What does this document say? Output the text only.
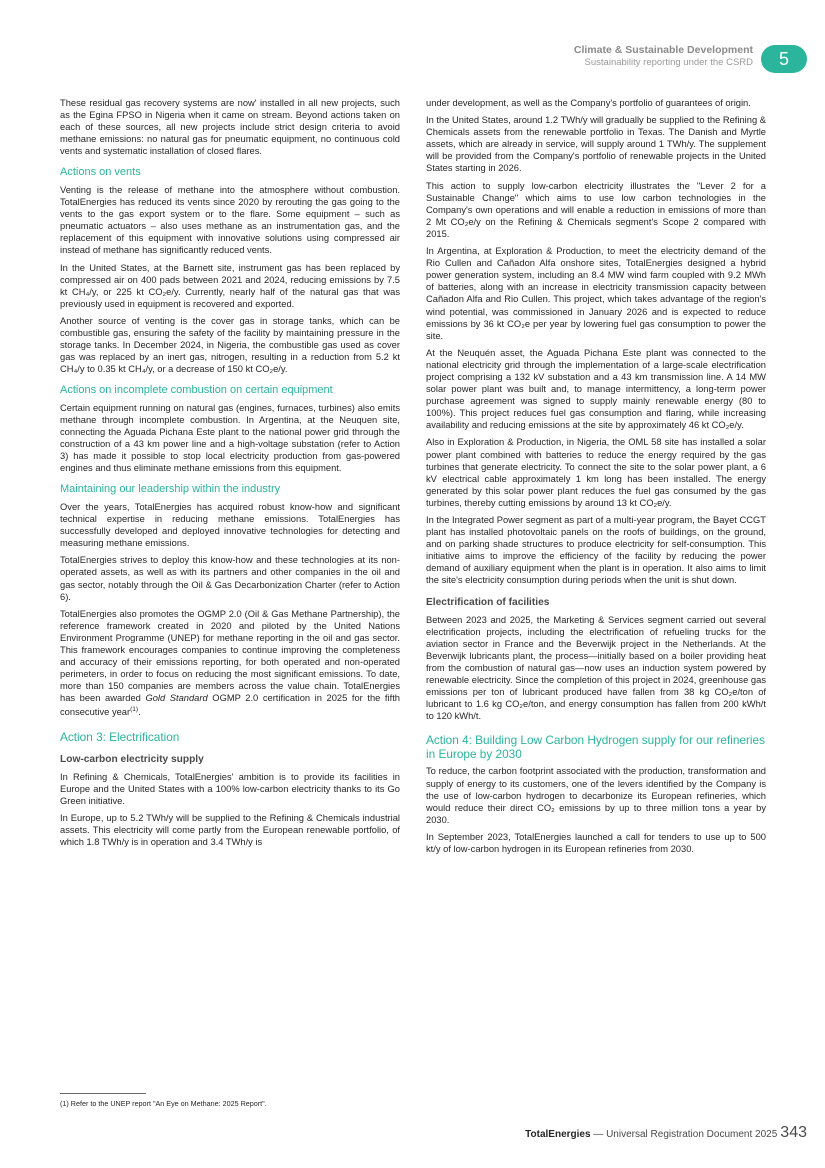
Climate & Sustainable Development
Sustainability reporting under the CSRD	5

These residual gas recovery systems are now' installed in all new projects, such as the Egina FPSO in Nigeria when it came on stream. Beyond actions taken on each of these sources, all new projects include strict design criteria to avoid methane emissions: no natural gas for pneumatic equipment, no continuous cold vents and systematic installation of closed flares.

Actions on vents

Venting is the release of methane into the atmosphere without combustion. TotalEnergies has reduced its vents since 2020 by rerouting the gas going to the vents to the gas export system or to the flare. Some equipment – such as pneumatic actuators – also uses methane as an instrumentation gas, and the replacement of this equipment with innovative solutions using compressed air instead of methane has significantly reduced vents.

In the United States, at the Barnett site, instrument gas has been replaced by compressed air on 400 pads between 2021 and 2024, reducing emissions by 7.5 kt CH₄/y, or 225 kt CO₂e/y. Currently, nearly half of the natural gas that was previously used in equipment is recovered and exported.

Another source of venting is the cover gas in storage tanks, which can be combustible gas, ensuring the safety of the facility by maintaining pressure in the storage tanks. In December 2024, in Nigeria, the combustible gas used as cover gas was replaced by an inert gas, nitrogen, resulting in a reduction from 5.2 kt CH₄/y to 0.35 kt CH₄/y, or a decrease of 150 kt CO₂e/y.

Actions on incomplete combustion on certain equipment

Certain equipment running on natural gas (engines, furnaces, turbines) also emits methane through incomplete combustion. In Argentina, at the Neuquen site, connecting the Aguada Pichana Este plant to the national power grid through the construction of a 43 km power line and a high-voltage substation (refer to Action 3) has made it possible to stop local electricity production from gas-powered engines and thus eliminate methane emissions from this equipment.

Maintaining our leadership within the industry

Over the years, TotalEnergies has acquired robust know-how and significant technical expertise in reducing methane emissions. TotalEnergies has successfully developed and deployed innovative technologies for detecting and measuring methane emissions.

TotalEnergies strives to deploy this know-how and these technologies at its non-operated assets, as well as with its partners and other companies in the oil and gas sector, notably through the Oil & Gas Decarbonization Charter (refer to Action 6).

TotalEnergies also promotes the OGMP 2.0 (Oil & Gas Methane Partnership), the reference framework created in 2020 and piloted by the United Nations Environment Programme (UNEP) for methane reporting in the oil and gas sector. This framework encourages companies to continue improving the completeness and accuracy of their emissions reporting, for both operated and non-operated perimeters, in order to focus on reducing the most significant emissions. To date, more than 150 companies are members across the value chain. TotalEnergies has been awarded Gold Standard OGMP 2.0 certification in 2025 for the fifth consecutive year$^{(1)}$.

Action 3: Electrification
Low-carbon electricity supply

In Refining & Chemicals, TotalEnergies' ambition is to provide its facilities in Europe and the United States with a 100% low-carbon electricity thanks to its Go Green initiative.

In Europe, up to 5.2 TWh/y will be supplied to the Refining & Chemicals industrial assets. This electricity will come partly from the European renewable portfolio, of which 1.8 TWh/y is in operation and 3.4 TWh/y is

under development, as well as the Company's portfolio of guarantees of origin.

In the United States, around 1.2 TWh/y will gradually be supplied to the Refining & Chemicals assets from the renewable portfolio in Texas. The Danish and Myrtle assets, which are already in service, will supply around 1 TWh/y. The supplement will be provided from the Company's portfolio of renewable projects in the United States starting in 2026.

This action to supply low-carbon electricity illustrates the "Lever 2 for a Sustainable Change" which aims to use low carbon technologies in the Company's own operations and will enable a reduction in emissions of more than 2 Mt CO₂e/y on the Refining & Chemicals segment's Scope 2 compared with 2015.

In Argentina, at Exploration & Production, to meet the electricity demand of the Rio Cullen and Cañadon Alfa onshore sites, TotalEnergies designed a hybrid power generation system, including an 8.4 MW wind farm coupled with 9.2 MWh of batteries, along with an increase in electricity transmission capacity between Cañadon Alfa and Rio Cullen. This project, which takes advantage of the region's wind potential, was commissioned in January 2026 and is expected to reduce emissions by 36 kt CO₂e per year by lowering fuel gas consumption to power the site.

At the Neuquén asset, the Aguada Pichana Este plant was connected to the national electricity grid through the implementation of a large-scale electrification project comprising a 132 kV substation and a 43 km transmission line. A 14 MW solar power plant was built and, to manage intermittency, a long-term power purchase agreement was signed to supply mainly renewable energy (80 to 100%). This project reduces fuel gas consumption and flaring, while increasing availability and reducing emissions at the site by approximately 46 kt CO₂e/y.

Also in Exploration & Production, in Nigeria, the OML 58 site has installed a solar power plant combined with batteries to reduce the energy required by the gas turbines that generate electricity. To connect the site to the solar power plant, a 6 kV electrical cable approximately 1 km long has been installed. The energy generated by this solar power plant reduces the fuel gas consumed by the gas turbines, thereby cutting emissions by around 13 kt CO₂e/y.

In the Integrated Power segment as part of a multi-year program, the Bayet CCGT plant has installed photovoltaic panels on the roofs of buildings, on the ground, and on parking shade structures to produce electricity for self-consumption. This initiative aims to improve the efficiency of the facility by reducing the power demand of auxiliary equipment when the plant is in operation. It also aims to limit the site's electricity consumption during periods when the unit is shut down.

Electrification of facilities

Between 2023 and 2025, the Marketing & Services segment carried out several electrification projects, including the electrification of refueling trucks for the aviation sector in France and the Beverwijk project in the Netherlands. At the Beverwijk lubricants plant, the process—initially based on a boiler providing heat from the combustion of natural gas—now uses an induction system powered by renewable electricity. Since the completion of this project in 2024, greenhouse gas emissions per ton of lubricant produced have fallen from 38 kg CO₂e/ton of lubricant to 1.6 kg CO₂e/ton, and energy consumption has fallen from 200 kWh/t to 120 kWh/t.

Action 4: Building Low Carbon Hydrogen supply for our refineries in Europe by 2030

To reduce, the carbon footprint associated with the production, transformation and supply of energy to its customers, one of the levers identified by the Company is the use of low-carbon hydrogen to decarbonize its European refineries, which would reduce their direct CO₂ emissions by up to three million tons a year by 2030.

In September 2023, TotalEnergies launched a call for tenders to use up to 500 kt/y of low-carbon hydrogen in its European refineries from 2030.

(1) Refer to the UNEP report "An Eye on Methane: 2025 Report".
TotalEnergies — Universal Registration Document 2025 343
